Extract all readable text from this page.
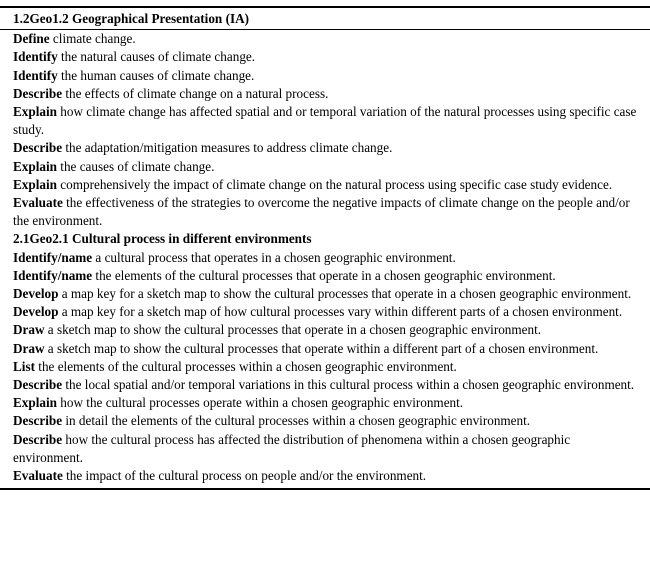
1.2Geo1.2 Geographical Presentation (IA)
Define climate change.
Identify the natural causes of climate change.
Identify the human causes of climate change.
Describe the effects of climate change on a natural process.
Explain how climate change has affected spatial and or temporal variation of the natural processes using specific case study.
Describe the adaptation/mitigation measures to address climate change.
Explain the causes of climate change.
Explain comprehensively the impact of climate change on the natural process using specific case study evidence.
Evaluate the effectiveness of the strategies to overcome the negative impacts of climate change on the people and/or the environment.
2.1Geo2.1 Cultural process in different environments
Identify/name a cultural process that operates in a chosen geographic environment.
Identify/name the elements of the cultural processes that operate in a chosen geographic environment.
Develop a map key for a sketch map to show the cultural processes that operate in a chosen geographic environment.
Develop a map key for a sketch map of how cultural processes vary within different parts of a chosen environment.
Draw a sketch map to show the cultural processes that operate in a chosen geographic environment.
Draw a sketch map to show the cultural processes that operate within a different part of a chosen environment.
List the elements of the cultural processes within a chosen geographic environment.
Describe the local spatial and/or temporal variations in this cultural process within a chosen geographic environment.
Explain how the cultural processes operate within a chosen geographic environment.
Describe in detail the elements of the cultural processes within a chosen geographic environment.
Describe how the cultural process has affected the distribution of phenomena within a chosen geographic environment.
Evaluate the impact of the cultural process on people and/or the environment.
